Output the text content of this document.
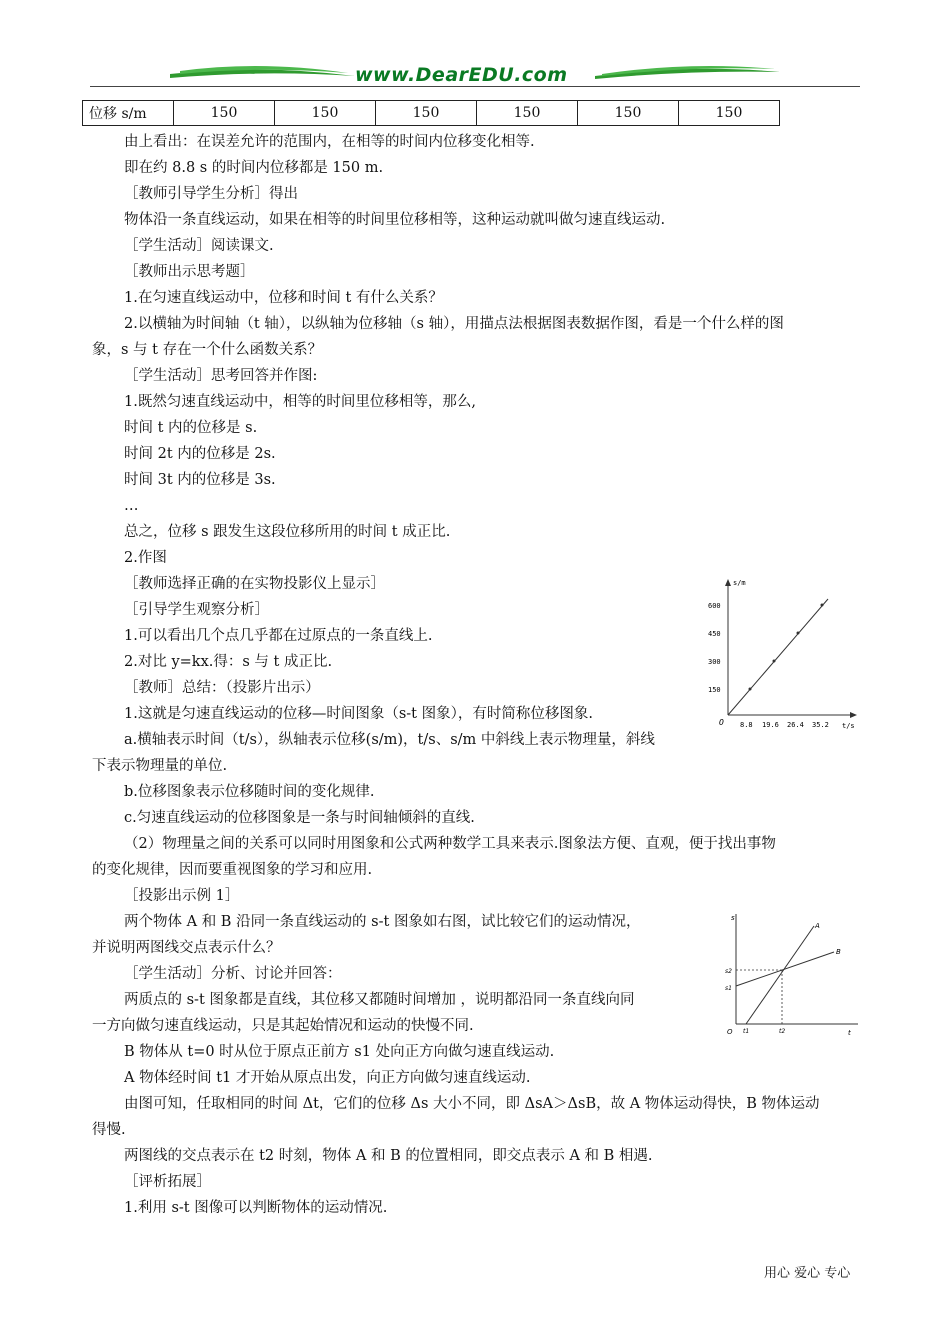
www.DearEDU.com
位移 s/m	150	150	150	150	150	150
由上看出：在误差允许的范围内，在相等的时间内位移变化相等.
即在约 8.8 s 的时间内位移都是 150 m.
［教师引导学生分析］得出
物体沿一条直线运动，如果在相等的时间里位移相等，这种运动就叫做匀速直线运动.
［学生活动］阅读课文.
［教师出示思考题］
1.在匀速直线运动中，位移和时间 t 有什么关系？
2.以横轴为时间轴（t 轴），以纵轴为位移轴（s 轴），用描点法根据图表数据作图，看是一个什么样的图
象，s 与 t 存在一个什么函数关系？
［学生活动］思考回答并作图:
1.既然匀速直线运动中，相等的时间里位移相等，那么,
时间 t 内的位移是 s.
时间 2t 内的位移是 2s.
时间 3t 内的位移是 3s.
…
总之，位移 s 跟发生这段位移所用的时间 t 成正比.
2.作图
［教师选择正确的在实物投影仪上显示］
［引导学生观察分析］
1.可以看出几个点几乎都在过原点的一条直线上.
2.对比 y=kx.得：s 与 t 成正比.
［教师］总结：（投影片出示）
1.这就是匀速直线运动的位移—时间图象（s-t 图象），有时简称位移图象.
a.横轴表示时间（t/s），纵轴表示位移(s/m)，t/s、s/m 中斜线上表示物理量，斜线
下表示物理量的单位.
b.位移图象表示位移随时间的变化规律.
c.匀速直线运动的位移图象是一条与时间轴倾斜的直线.
（2）物理量之间的关系可以同时用图象和公式两种数学工具来表示.图象法方便、直观，便于找出事物
的变化规律，因而要重视图象的学习和应用.
［投影出示例 1］
两个物体 A 和 B 沿同一条直线运动的 s-t 图象如右图，试比较它们的运动情况，
并说明两图线交点表示什么？
［学生活动］分析、讨论并回答：
两质点的 s-t 图象都是直线，其位移又都随时间增加 ，说明都沿同一条直线向同
一方向做匀速直线运动，只是其起始情况和运动的快慢不同.
B 物体从 t=0 时从位于原点正前方 s1 处向正方向做匀速直线运动.
A 物体经时间 t1 才开始从原点出发，向正方向做匀速直线运动.
由图可知，任取相同的时间 Δt，它们的位移 Δs 大小不同，即 ΔsA＞ΔsB，故 A 物体运动得快，B 物体运动
得慢.
两图线的交点表示在 t2 时刻，物体 A 和 B 的位置相同，即交点表示 A 和 B 相遇.
［评析拓展］
1.利用 s-t 图像可以判断物体的运动情况.
s/m
t/s
O
150
300
450
600
8.8 19.6 26.4 35.2
s
t
O
A
B
s2
s1
t1	t2
用心 爱心 专心
